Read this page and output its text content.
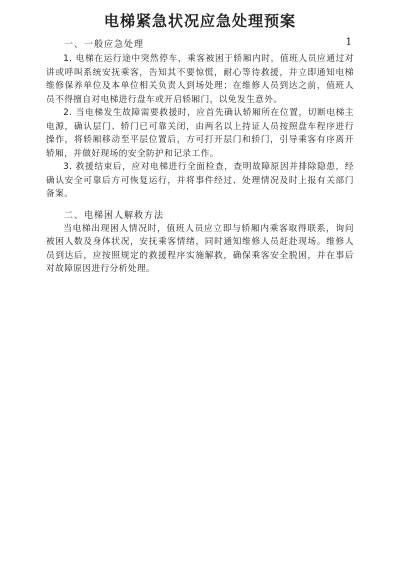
电梯紧急状况应急处理预案
一、一般应急处理	1

1. 电梯在运行途中突然停车，乘客被困于轿厢内时，值班人员应通过对讲或呼叫系统安抚乘客，告知其不要惊慌，耐心等待救援，并立即通知电梯维修保养单位及本单位相关负责人到场处理；在维修人员到达之前，值班人员不得擅自对电梯进行盘车或开启轿厢门，以免发生意外。

2. 当电梯发生故障需要救援时，应首先确认轿厢所在位置，切断电梯主电源，确认层门、轿门已可靠关闭，由两名以上持证人员按照盘车程序进行操作，将轿厢移动至平层位置后，方可打开层门和轿门，引导乘客有序离开轿厢，并做好现场的安全防护和记录工作。

3. 救援结束后，应对电梯进行全面检查，查明故障原因并排除隐患，经确认安全可靠后方可恢复运行，并将事件经过、处理情况及时上报有关部门备案。

二、电梯困人解救方法

当电梯出现困人情况时，值班人员应立即与轿厢内乘客取得联系，询问被困人数及身体状况，安抚乘客情绪，同时通知维修人员赶赴现场。维修人员到达后，应按照规定的救援程序实施解救，确保乘客安全脱困，并在事后对故障原因进行分析处理。
